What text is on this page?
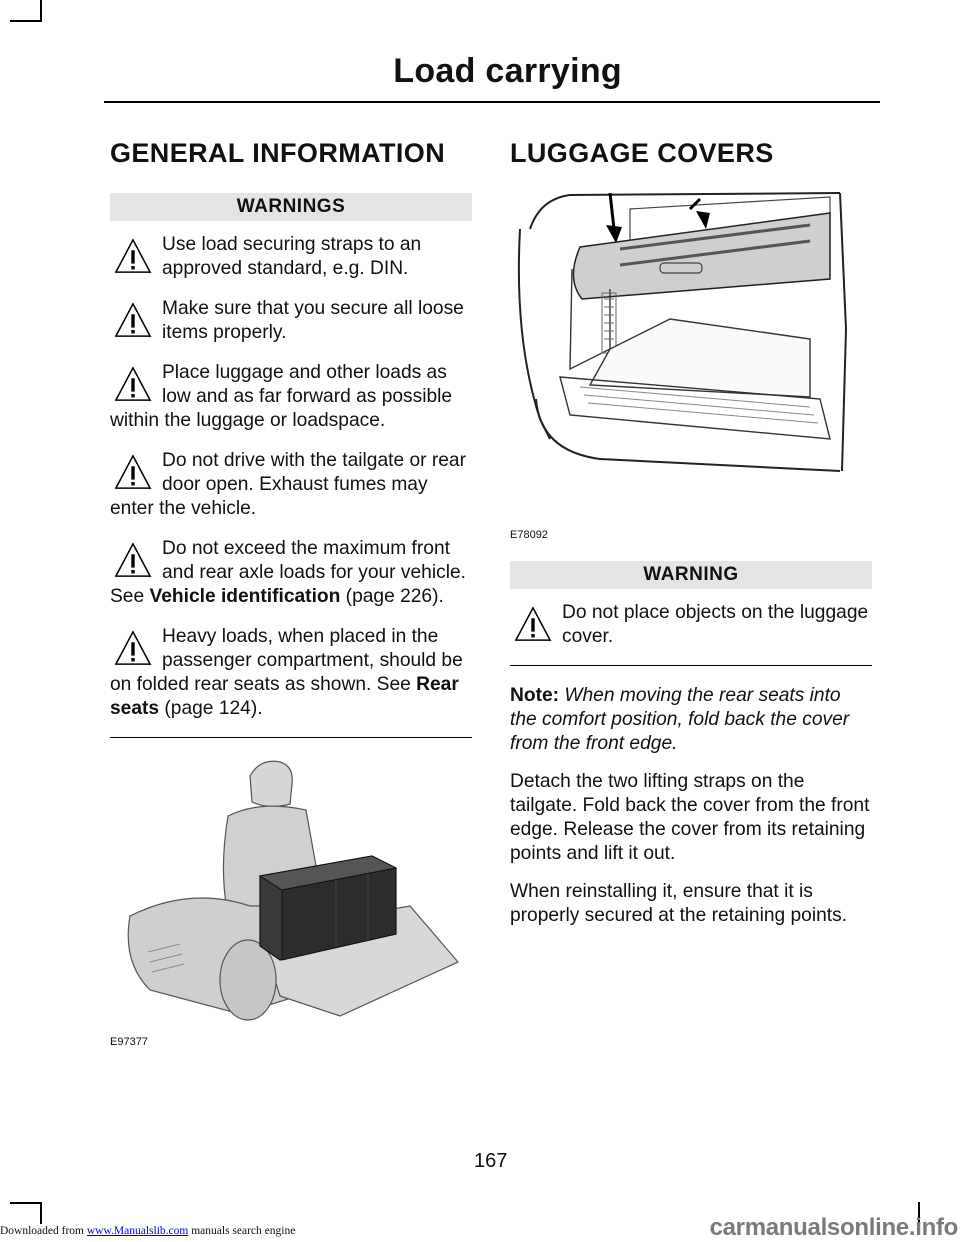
Load carrying
GENERAL INFORMATION
WARNINGS
Use load securing straps to an approved standard, e.g. DIN.
Make sure that you secure all loose items properly.
Place luggage and other loads as low and as far forward as possible within the luggage or loadspace.
Do not drive with the tailgate or rear door open. Exhaust fumes may enter the vehicle.
Do not exceed the maximum front and rear axle loads for your vehicle. See Vehicle identification (page 226).
Heavy loads, when placed in the passenger compartment, should be on folded rear seats as shown. See Rear seats (page 124).
E97377
LUGGAGE COVERS
E78092
WARNING
Do not place objects on the luggage cover.

Note: When moving the rear seats into the comfort position, fold back the cover from the front edge.

Detach the two lifting straps on the tailgate. Fold back the cover from the front edge. Release the cover from its retaining points and lift it out.

When reinstalling it, ensure that it is properly secured at the retaining points.

167
Downloaded from www.Manualslib.com manuals search engine	carmanualsonline.info
